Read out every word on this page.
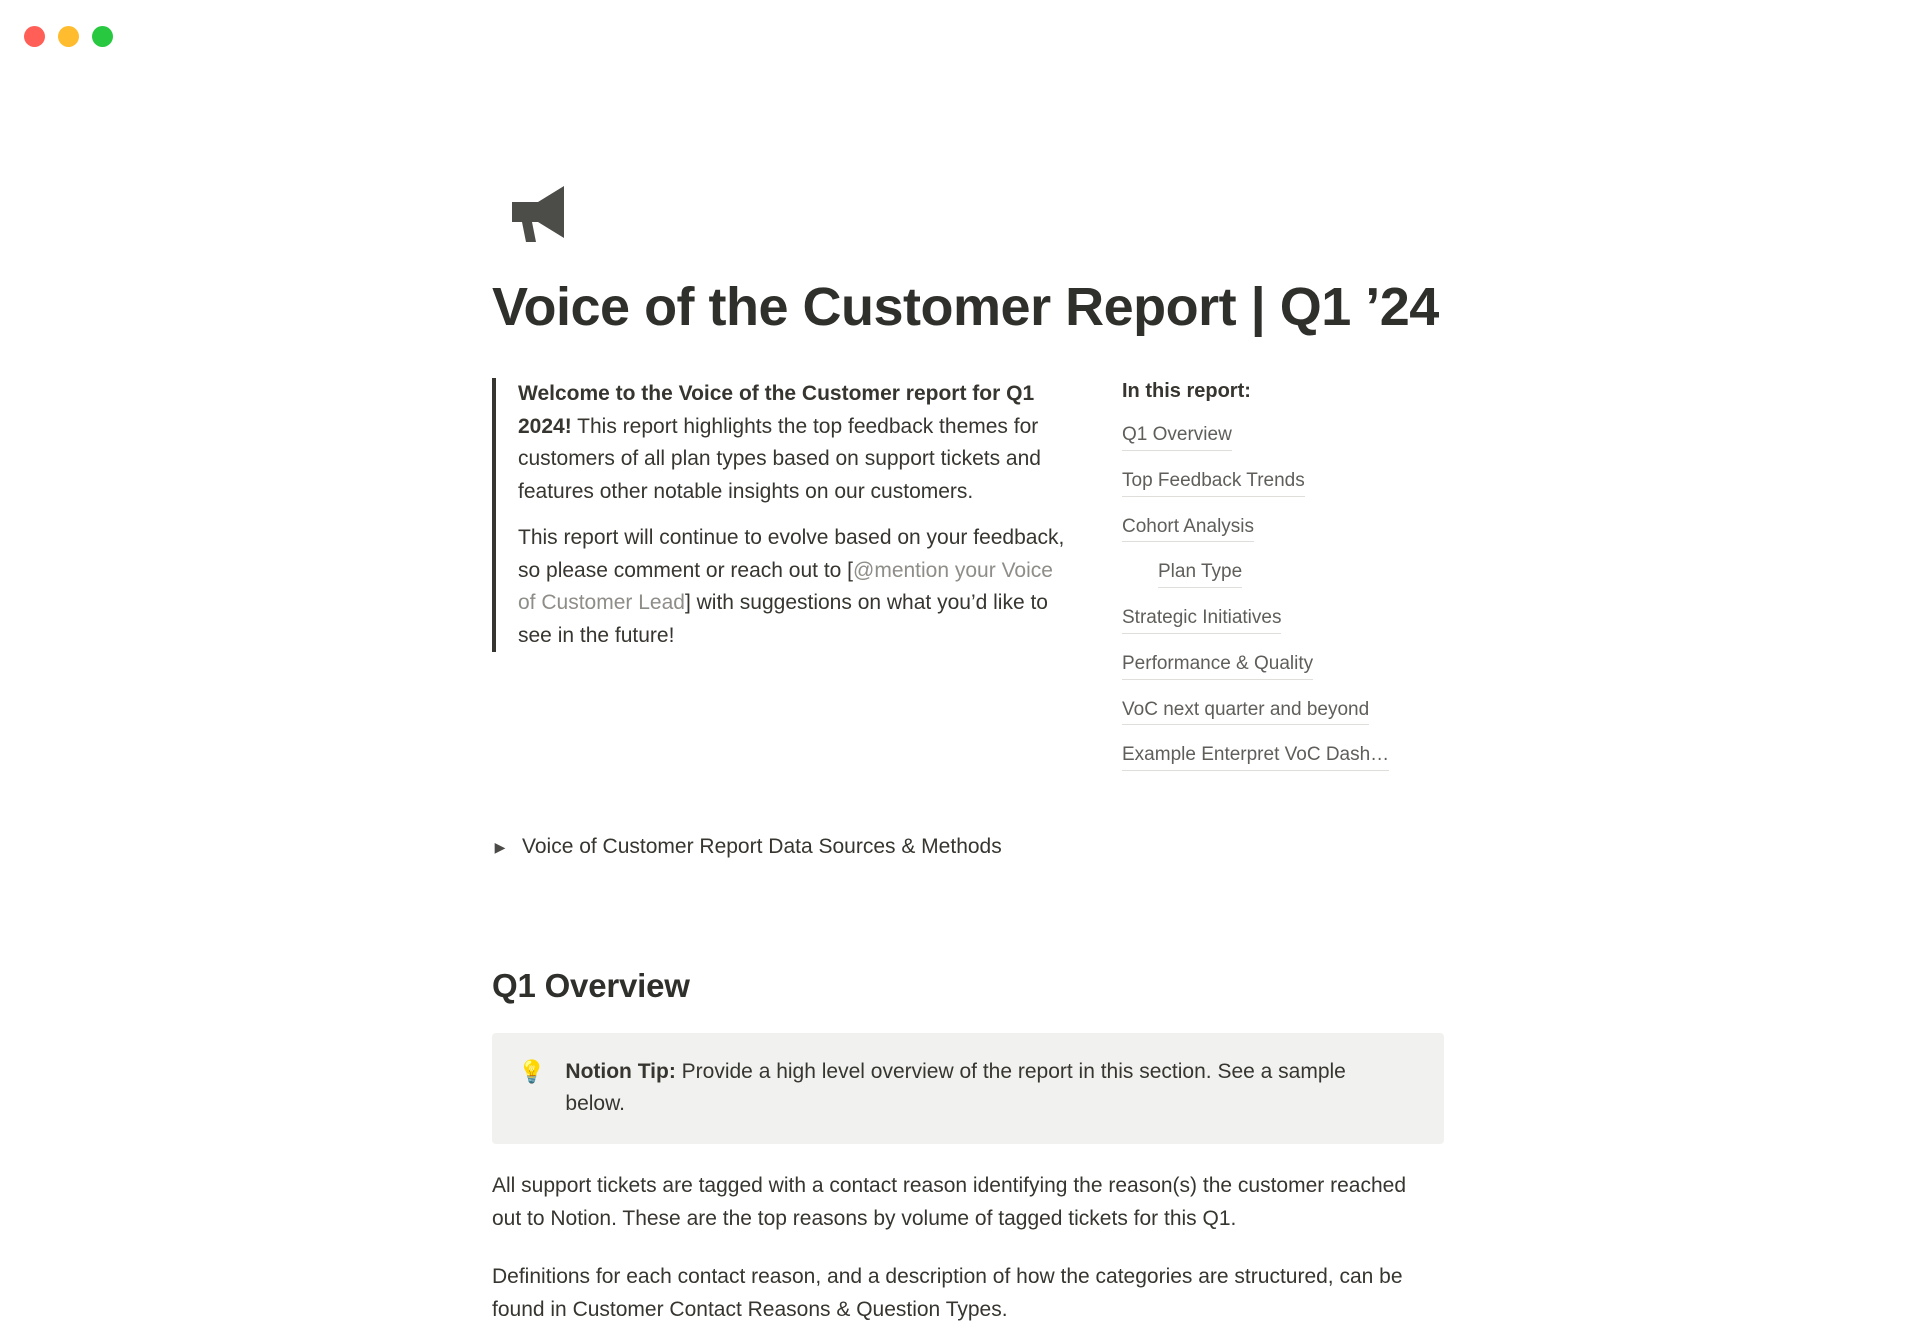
Voice of the Customer Report | Q1 ’24

Welcome to the Voice of the Customer report for Q1 2024! This report highlights the top feedback themes for customers of all plan types based on support tickets and features other notable insights on our customers.

This report will continue to evolve based on your feedback, so please comment or reach out to [@mention your Voice of Customer Lead] with suggestions on what you’d like to see in the future!

In this report:
Q1 Overview
Top Feedback Trends
Cohort Analysis
Plan Type
Strategic Initiatives
Performance & Quality
VoC next quarter and beyond
Example Enterpret VoC Dash…
▶ Voice of Customer Report Data Sources & Methods
Q1 Overview
💡 Notion Tip: Provide a high level overview of the report in this section. See a sample below.

All support tickets are tagged with a contact reason identifying the reason(s) the customer reached out to Notion. These are the top reasons by volume of tagged tickets for this Q1.

Definitions for each contact reason, and a description of how the categories are structured, can be found in Customer Contact Reasons & Question Types.
